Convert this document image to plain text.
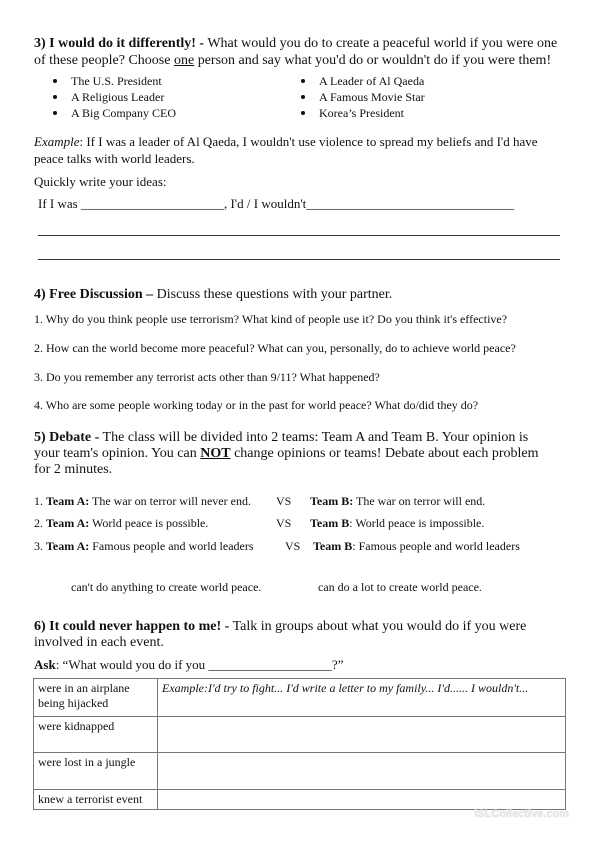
3) I would do it differently! - What would you do to create a peaceful world if you were one
of these people? Choose one person and say what you'd do or wouldn't do if you were them!
The U.S. President
A Religious Leader
A Big Company CEO
A Leader of Al Qaeda
A Famous Movie Star
Korea’s President
Example: If I was a leader of Al Qaeda, I wouldn't use violence to spread my beliefs and I'd have
peace talks with world leaders.
Quickly write your ideas:
If I was ______________________, I'd / I wouldn't________________________________
4) Free Discussion – Discuss these questions with your partner.
1. Why do you think people use terrorism? What kind of people use it? Do you think it's effective?
2. How can the world become more peaceful? What can you, personally, do to achieve world peace?
3. Do you remember any terrorist acts other than 9/11? What happened?
4. Who are some people working today or in the past for world peace? What do/did they do?
5) Debate - The class will be divided into 2 teams: Team A and Team B. Your opinion is
your team's opinion. You can NOT change opinions or teams! Debate about each problem
for 2 minutes.
1. Team A: The war on terror will never end. VS Team B: The war on terror will end.
2. Team A: World peace is possible.	VS Team B: World peace is impossible.
3. Team A: Famous people and world leaders	VS Team B: Famous people and world leaders
can't do anything to create world peace.	can do a lot to create world peace.
6) It could never happen to me! - Talk in groups about what you would do if you were
involved in each event.
Ask: “What would you do if you ___________________?”
were in an airplane being hijacked	Example:I'd try to fight... I'd write a letter to my family... I'd...... I wouldn't...
were kidnapped	
were lost in a jungle	
knew a terrorist event	
iSLCollective.com
